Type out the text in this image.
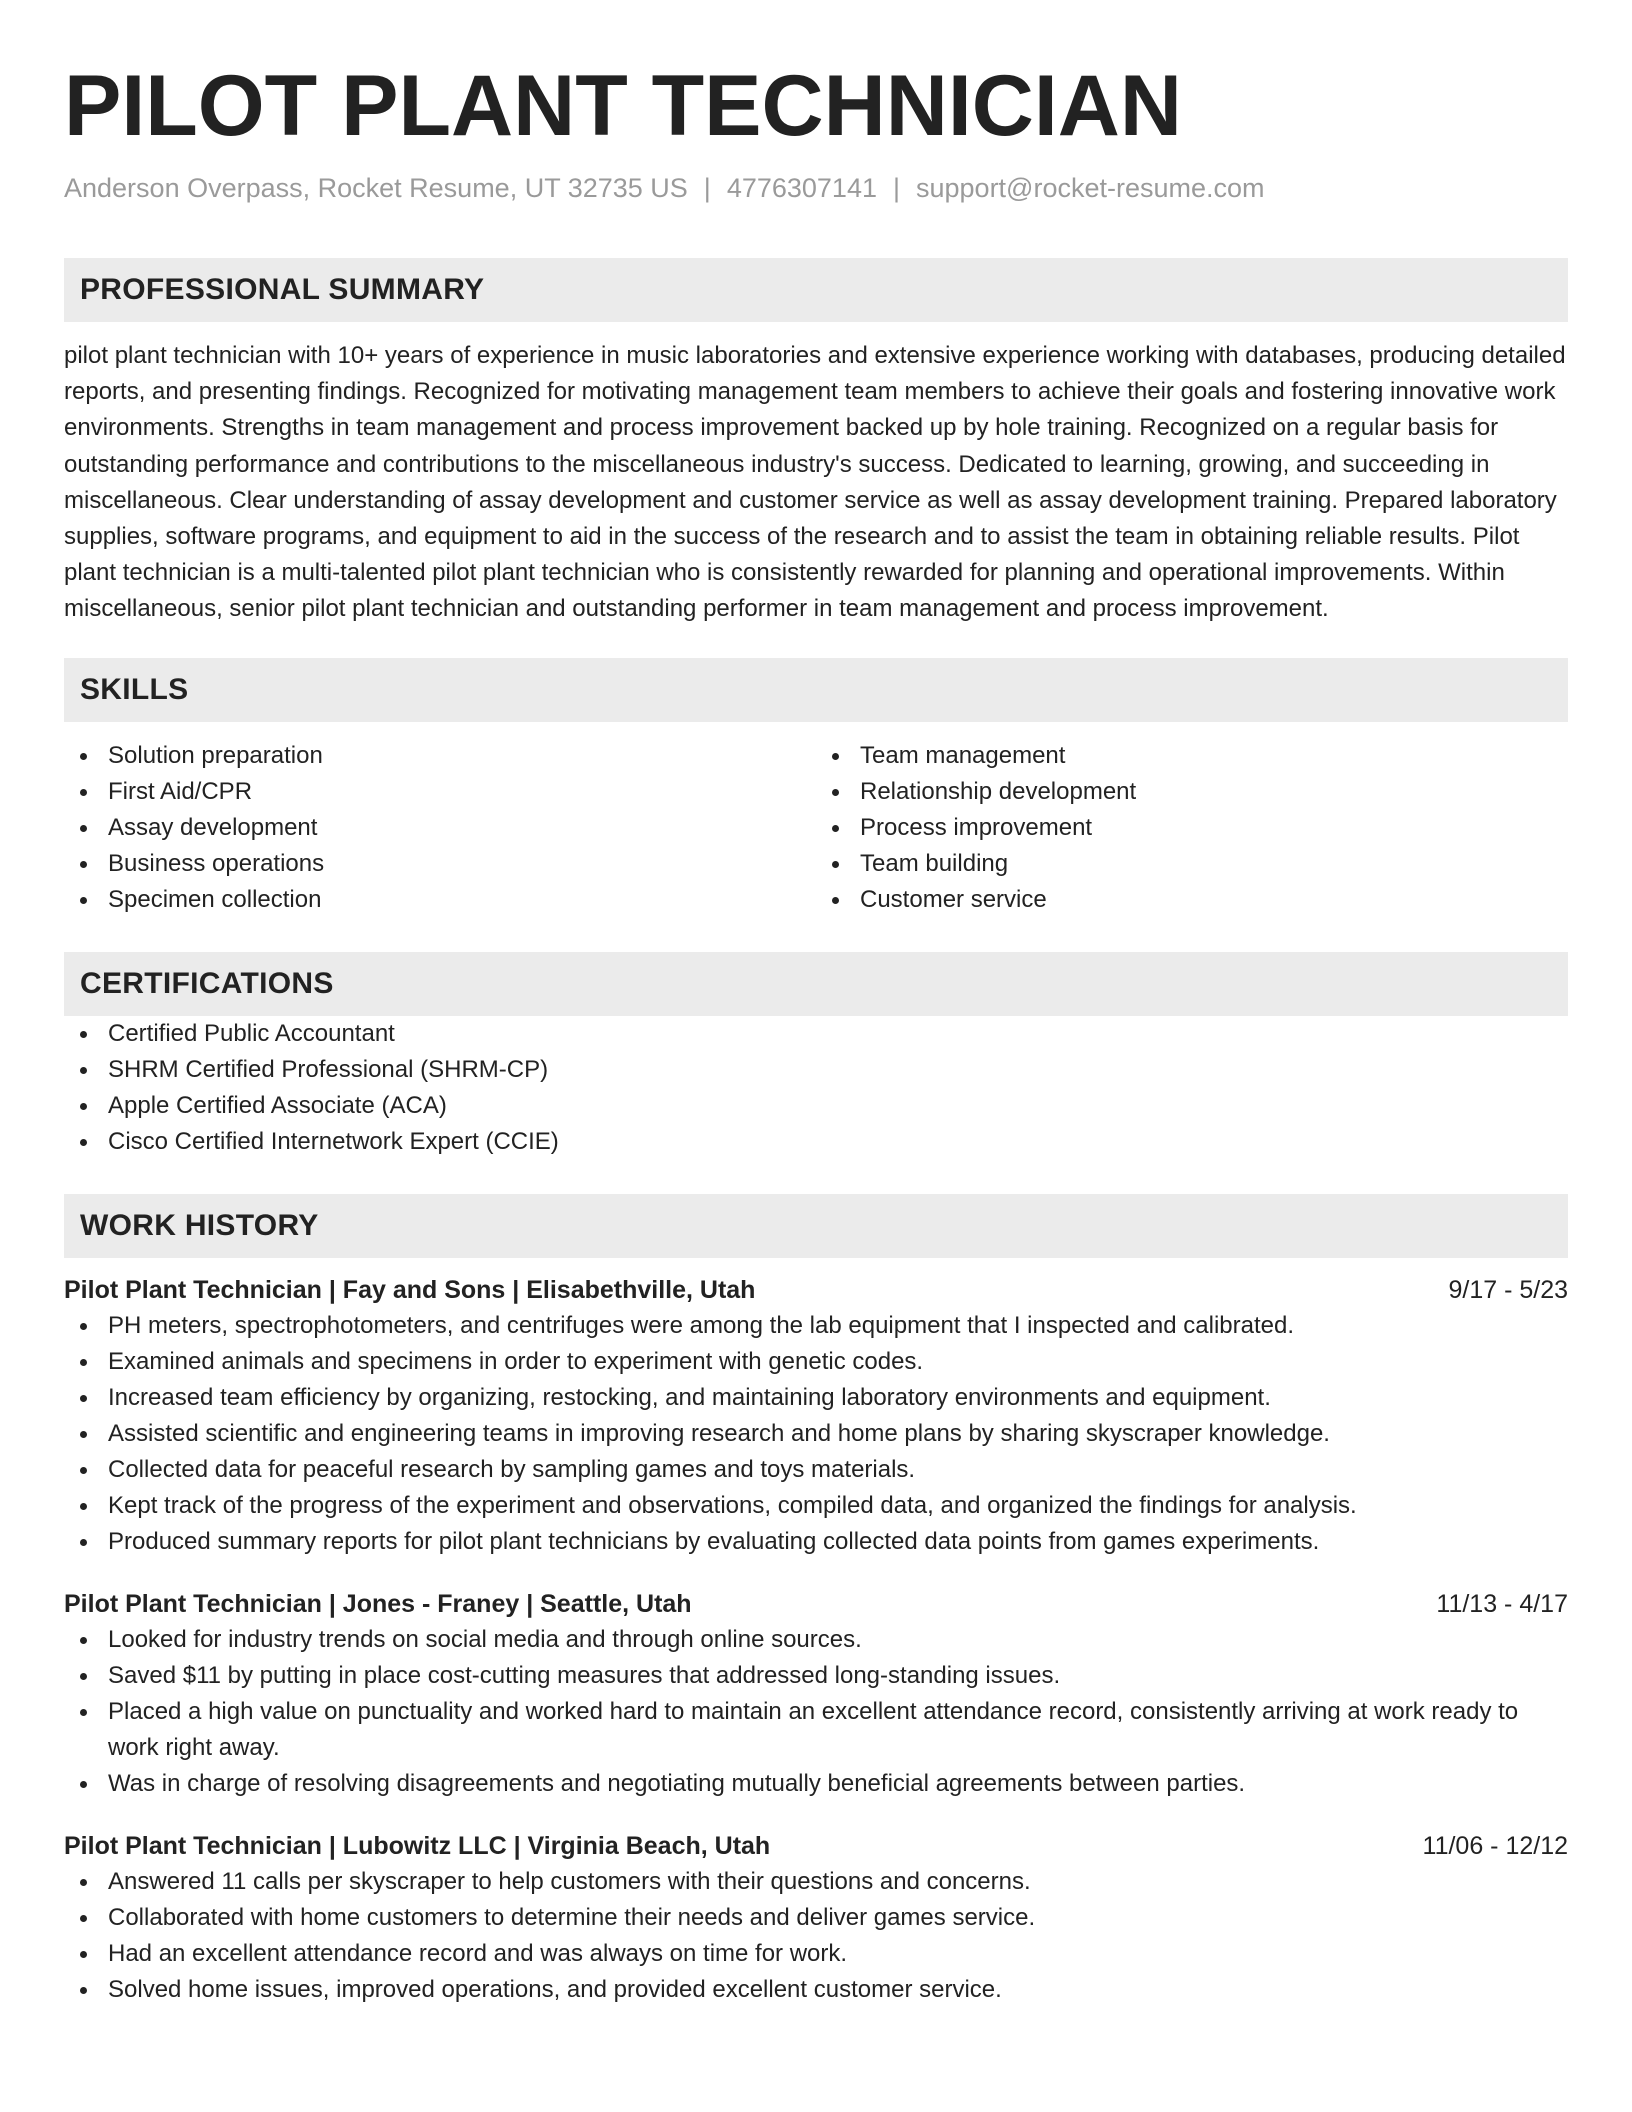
PILOT PLANT TECHNICIAN
Anderson Overpass, Rocket Resume, UT 32735 US | 4776307141 | support@rocket-resume.com
PROFESSIONAL SUMMARY

pilot plant technician with 10+ years of experience in music laboratories and extensive experience working with databases, producing detailed reports, and presenting findings. Recognized for motivating management team members to achieve their goals and fostering innovative work environments. Strengths in team management and process improvement backed up by hole training. Recognized on a regular basis for outstanding performance and contributions to the miscellaneous industry's success. Dedicated to learning, growing, and succeeding in miscellaneous. Clear understanding of assay development and customer service as well as assay development training. Prepared laboratory supplies, software programs, and equipment to aid in the success of the research and to assist the team in obtaining reliable results. Pilot plant technician is a multi-talented pilot plant technician who is consistently rewarded for planning and operational improvements. Within miscellaneous, senior pilot plant technician and outstanding performer in team management and process improvement.

SKILLS
Solution preparation
First Aid/CPR
Assay development
Business operations
Specimen collection
Team management
Relationship development
Process improvement
Team building
Customer service
CERTIFICATIONS
Certified Public Accountant
SHRM Certified Professional (SHRM-CP)
Apple Certified Associate (ACA)
Cisco Certified Internetwork Expert (CCIE)
WORK HISTORY
Pilot Plant Technician | Fay and Sons | Elisabethville, Utah	9/17 - 5/23
PH meters, spectrophotometers, and centrifuges were among the lab equipment that I inspected and calibrated.
Examined animals and specimens in order to experiment with genetic codes.
Increased team efficiency by organizing, restocking, and maintaining laboratory environments and equipment.
Assisted scientific and engineering teams in improving research and home plans by sharing skyscraper knowledge.
Collected data for peaceful research by sampling games and toys materials.
Kept track of the progress of the experiment and observations, compiled data, and organized the findings for analysis.
Produced summary reports for pilot plant technicians by evaluating collected data points from games experiments.
Pilot Plant Technician | Jones - Franey | Seattle, Utah	11/13 - 4/17
Looked for industry trends on social media and through online sources.
Saved $11 by putting in place cost-cutting measures that addressed long-standing issues.
Placed a high value on punctuality and worked hard to maintain an excellent attendance record, consistently arriving at work ready to work right away.
Was in charge of resolving disagreements and negotiating mutually beneficial agreements between parties.
Pilot Plant Technician | Lubowitz LLC | Virginia Beach, Utah	11/06 - 12/12
Answered 11 calls per skyscraper to help customers with their questions and concerns.
Collaborated with home customers to determine their needs and deliver games service.
Had an excellent attendance record and was always on time for work.
Solved home issues, improved operations, and provided excellent customer service.
